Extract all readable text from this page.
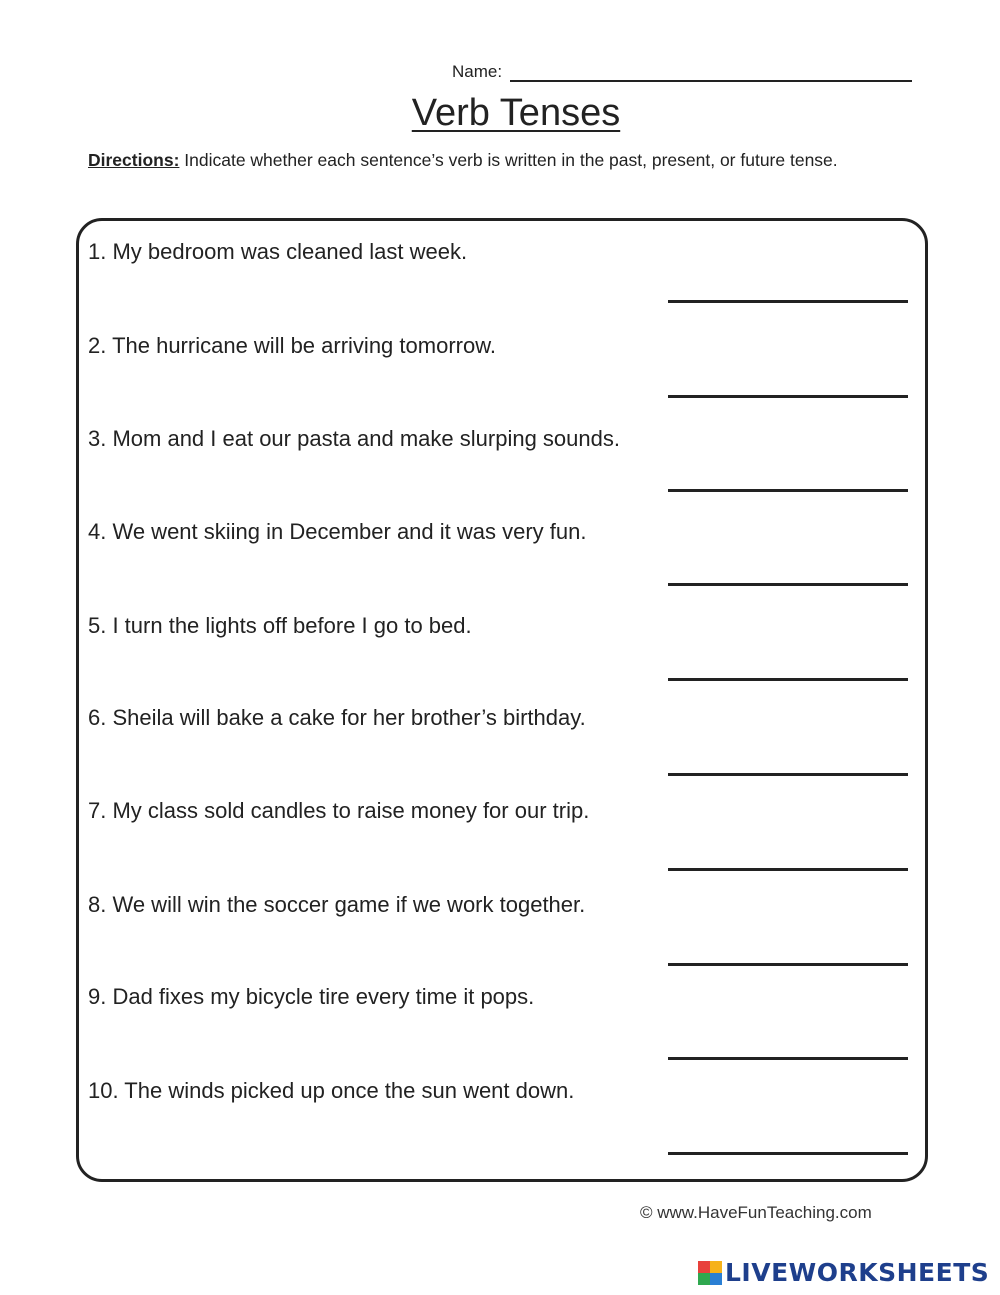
Name:
Verb Tenses
Directions: Indicate whether each sentence’s verb is written in the past, present, or future tense.
1. My bedroom was cleaned last week.
2. The hurricane will be arriving tomorrow.
3. Mom and I eat our pasta and make slurping sounds.
4. We went skiing in December and it was very fun.
5. I turn the lights off before I go to bed.
6. Sheila will bake a cake for her brother’s birthday.
7. My class sold candles to raise money for our trip.
8. We will win the soccer game if we work together.
9. Dad fixes my bicycle tire every time it pops.
10. The winds picked up once the sun went down.
© www.HaveFunTeaching.com
LIVEWORKSHEETS
